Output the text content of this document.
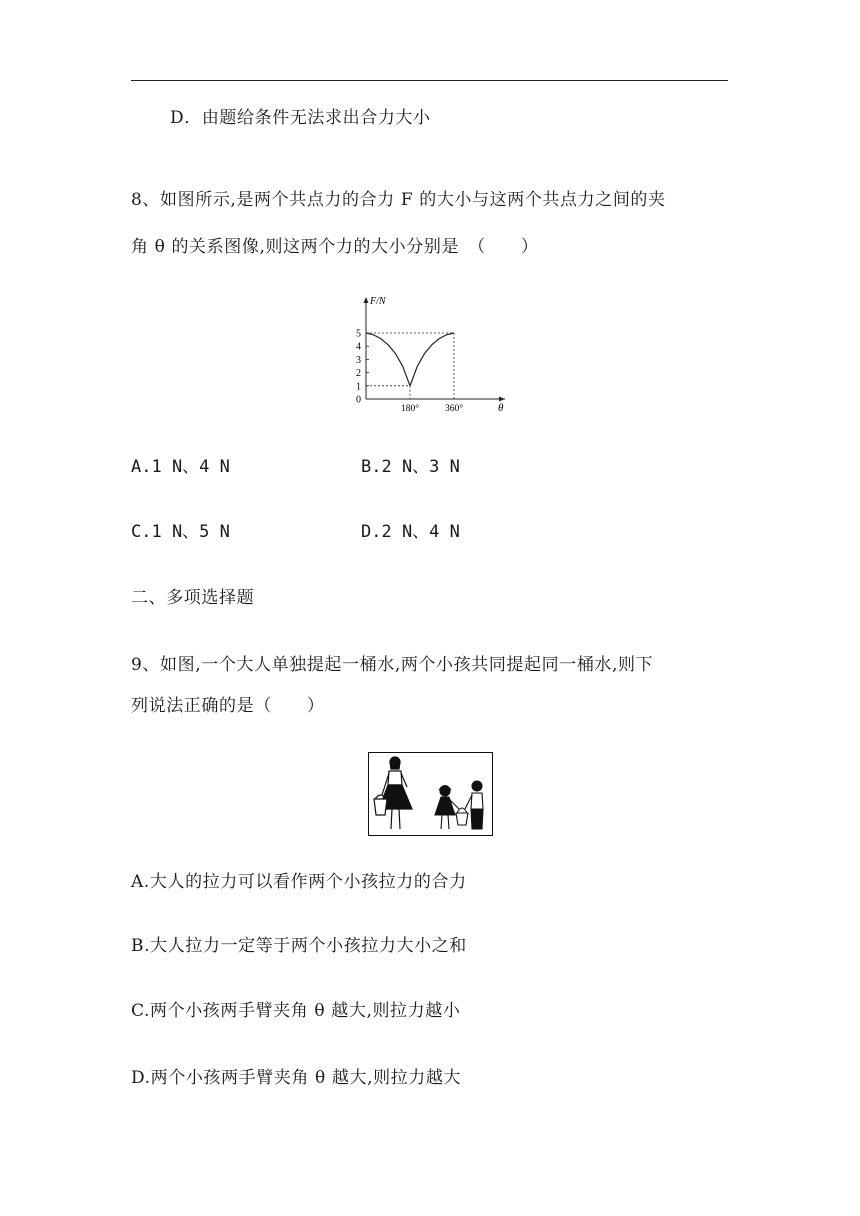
D．由题给条件无法求出合力大小
8、如图所示,是两个共点力的合力 F 的大小与这两个共点力之间的夹
角 θ 的关系图像,则这两个力的大小分别是　（　　）
0
1
2
3
4
5
180°	360°
F/N
θ
A.1 N、4 N	B.2 N、3 N
C.1 N、5 N	D.2 N、4 N
二、多项选择题
9、如图,一个大人单独提起一桶水,两个小孩共同提起同一桶水,则下
列说法正确的是（　　）
A.大人的拉力可以看作两个小孩拉力的合力
B.大人拉力一定等于两个小孩拉力大小之和
C.两个小孩两手臂夹角 θ 越大,则拉力越小
D.两个小孩两手臂夹角 θ 越大,则拉力越大
